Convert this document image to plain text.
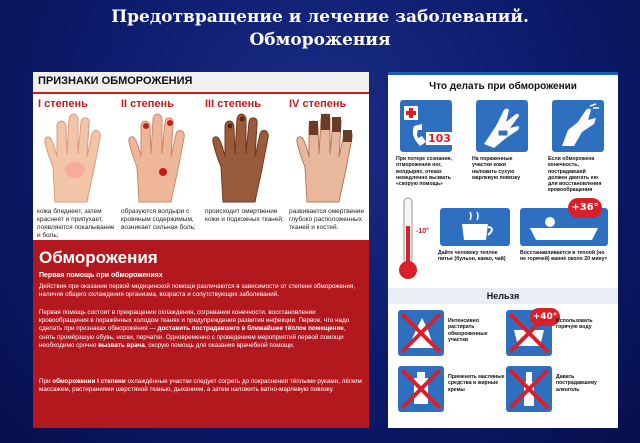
Предотвращение и лечение заболеваний.
Обморожения
ПРИЗНАКИ ОБМОРОЖЕНИЯ
I степень	II степень	III степень	IV степень
кожа бледнеет, затем краснеет и припухает, появляются покалывание и боль;
образуются волдыри с кровяным содержимым, возникает сильная боль;
происходит омертвение кожи и подкожных тканей;
развивается омертвение глубоко расположенных тканей и костей.
Обморожения
Первая помощь при обморожениях
Действия при оказании первой медицинской помощи различаются в зависимости от степени обморожения, наличия общего охлаждения организма, возраста и сопутствующих заболеваний.
Первая помощь состоит в прекращении охлаждения, согревании конечности, восстановлении кровообращения в поражённых холодом тканях и предупреждения развития инфекции. Первое, что надо сделать при признаках обморожения — доставить пострадавшего в ближайшее тёплое помещение, снять промёрзшую обувь, носки, перчатки. Одновременно с проведением мероприятий первой помощи необходимо срочно вызвать врача, скорую помощь для оказания врачебной помощи.
При обморожении I степени охлаждённые участки следует согреть до покраснения тёплыми руками, лёгким массажем, растираниями шерстяной тканью, дыханием, а затем наложить ватно-марлевую повязку.
Что делать при обморожении
103
При потере сознания, отморожении ног, волдырях, отеках немедленно вызвать «скорую помощь»
На пораженные участки кожи наложить сухую марлевую повязку
Если обморожена конечность, пострадавший должен двигать ею для восстановления кровообращения
-10°
+36°
Дайте человеку теплое питье (бульон, какао, чай)
Восстанавливается в теплой (но не горячей) ванне около 20 минут
Нельзя
+40°
Интенсивно растирать обмороженные участки
Использовать горячую воду
Применять масляные средства и жирные кремы
Давать пострадавшему алкоголь
